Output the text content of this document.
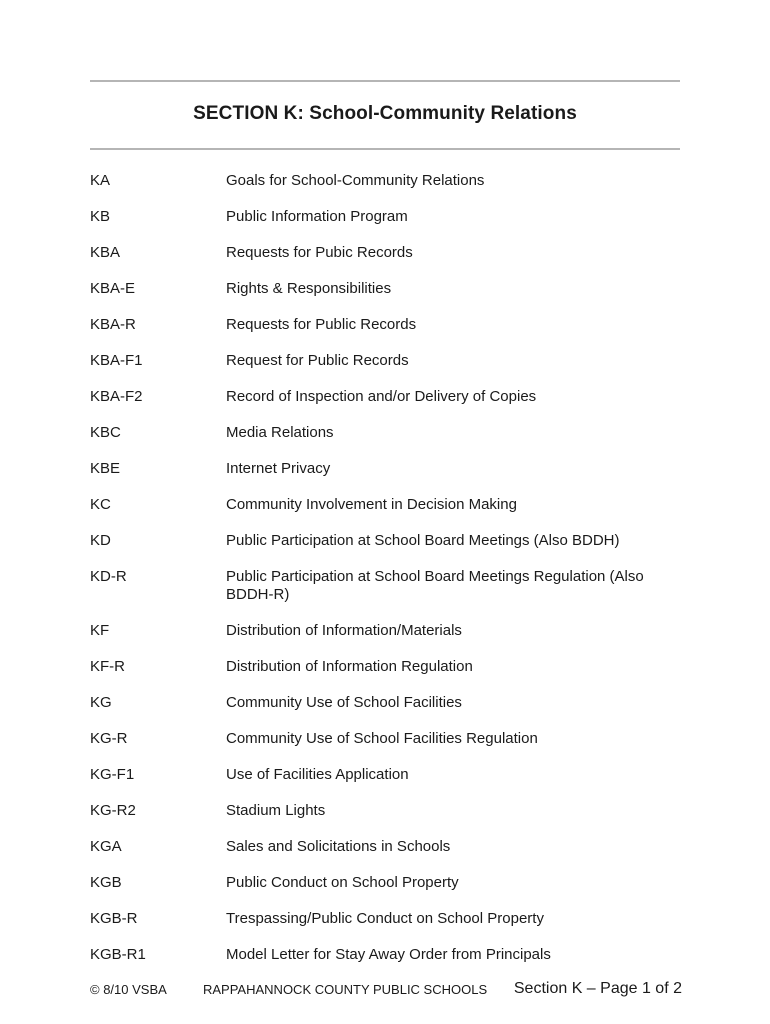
SECTION K: School-Community Relations
KA	Goals for School-Community Relations
KB	Public Information Program
KBA	Requests for Pubic Records
KBA-E	Rights & Responsibilities
KBA-R	Requests for Public Records
KBA-F1	Request for Public Records
KBA-F2	Record of Inspection and/or Delivery of Copies
KBC	Media Relations
KBE	Internet Privacy
KC	Community Involvement in Decision Making
KD	Public Participation at School Board Meetings (Also BDDH)
KD-R	Public Participation at School Board Meetings Regulation (Also BDDH-R)
KF	Distribution of Information/Materials
KF-R	Distribution of Information Regulation
KG	Community Use of School Facilities
KG-R	Community Use of School Facilities Regulation
KG-F1	Use of Facilities Application
KG-R2	Stadium Lights
KGA	Sales and Solicitations in Schools
KGB	Public Conduct on School Property
KGB-R	Trespassing/Public Conduct on School Property
KGB-R1	Model Letter for Stay Away Order from Principals
© 8/10 VSBA	RAPPAHANNOCK COUNTY PUBLIC SCHOOLS Section K – Page 1 of 2
